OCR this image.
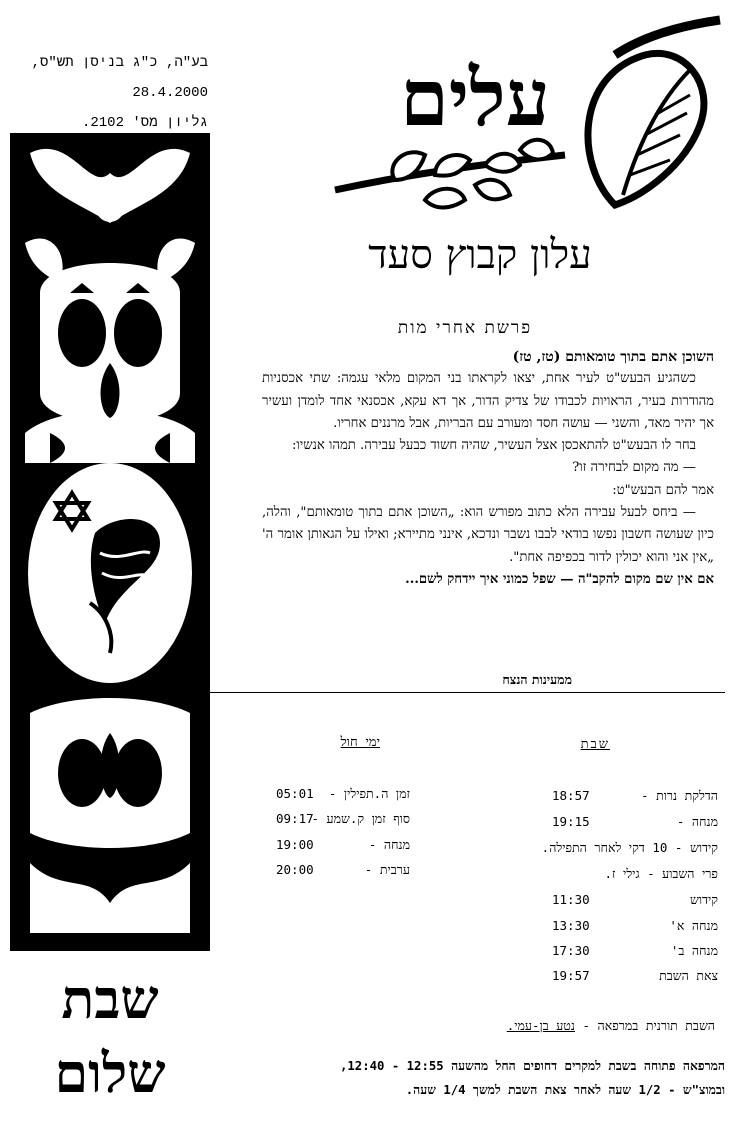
בע"ה, כ"ג בניסן תש"ס,
28.4.2000
גליון מס' 2102.
שבת
שלום
עלים
עלון קבוץ סעד
פרשת אחרי מות

השוכן אתם בתוך טומאותם (טז, טז)

כשהגיע הבעש"ט לעיר אחת, יצאו לקראתו בני המקום מלאי עגמה: שתי אכסניות מהודרות בעיר, הראויות לכבודו של צדיק הדור, אך דא עקא, אכסנאי אחד לומדן ועשיר אך יהיר מאד, והשני — עושה חסד ומעורב עם הבריות, אבל מרננים אחריו.

בחר לו הבעש"ט להתאכסן אצל העשיר, שהיה חשוד כבעל עבירה. תמהו אנשיו:

— מה מקום לבחירה זו?

אמר להם הבעש"ט:

— ביחס לבעל עבירה הלא כתוב מפורש הוא: „השוכן אתם בתוך טומאותם", והלה, כיון שעושה חשבון נפשו בודאי לבבו נשבר ונדכא, אינני מתיירא; ואילו על הגאותן אומר ה' „אין אני והוא יכולין לדור בכפיפה אחת".

אם אין שם מקום להקב"ה — שפל כמוני איך יידחק לשם...

ממעינות הנצח
שבת
ימי חול
הדלקת נרות -
18:57
מנחה -
19:15
קידוש - 10 דקי לאחר התפילה.
פרי השבוע - גילי ז.
קידוש
11:30
מנחה א'
13:30
מנחה ב'
17:30
צאת השבת
19:57
זמן ה.תפילין -
05:01
סוף זמן ק.שמע -
09:17
מנחה -
19:00
ערבית -
20:00
השבת תורנית במרפאה - נטע בן-עמי.
המרפאה פתוחה בשבת למקרים דחופים החל מהשעה 12:55 - 12:40,
ובמוצ"ש - 1/2 שעה לאחר צאת השבת למשך 1/4 שעה.
